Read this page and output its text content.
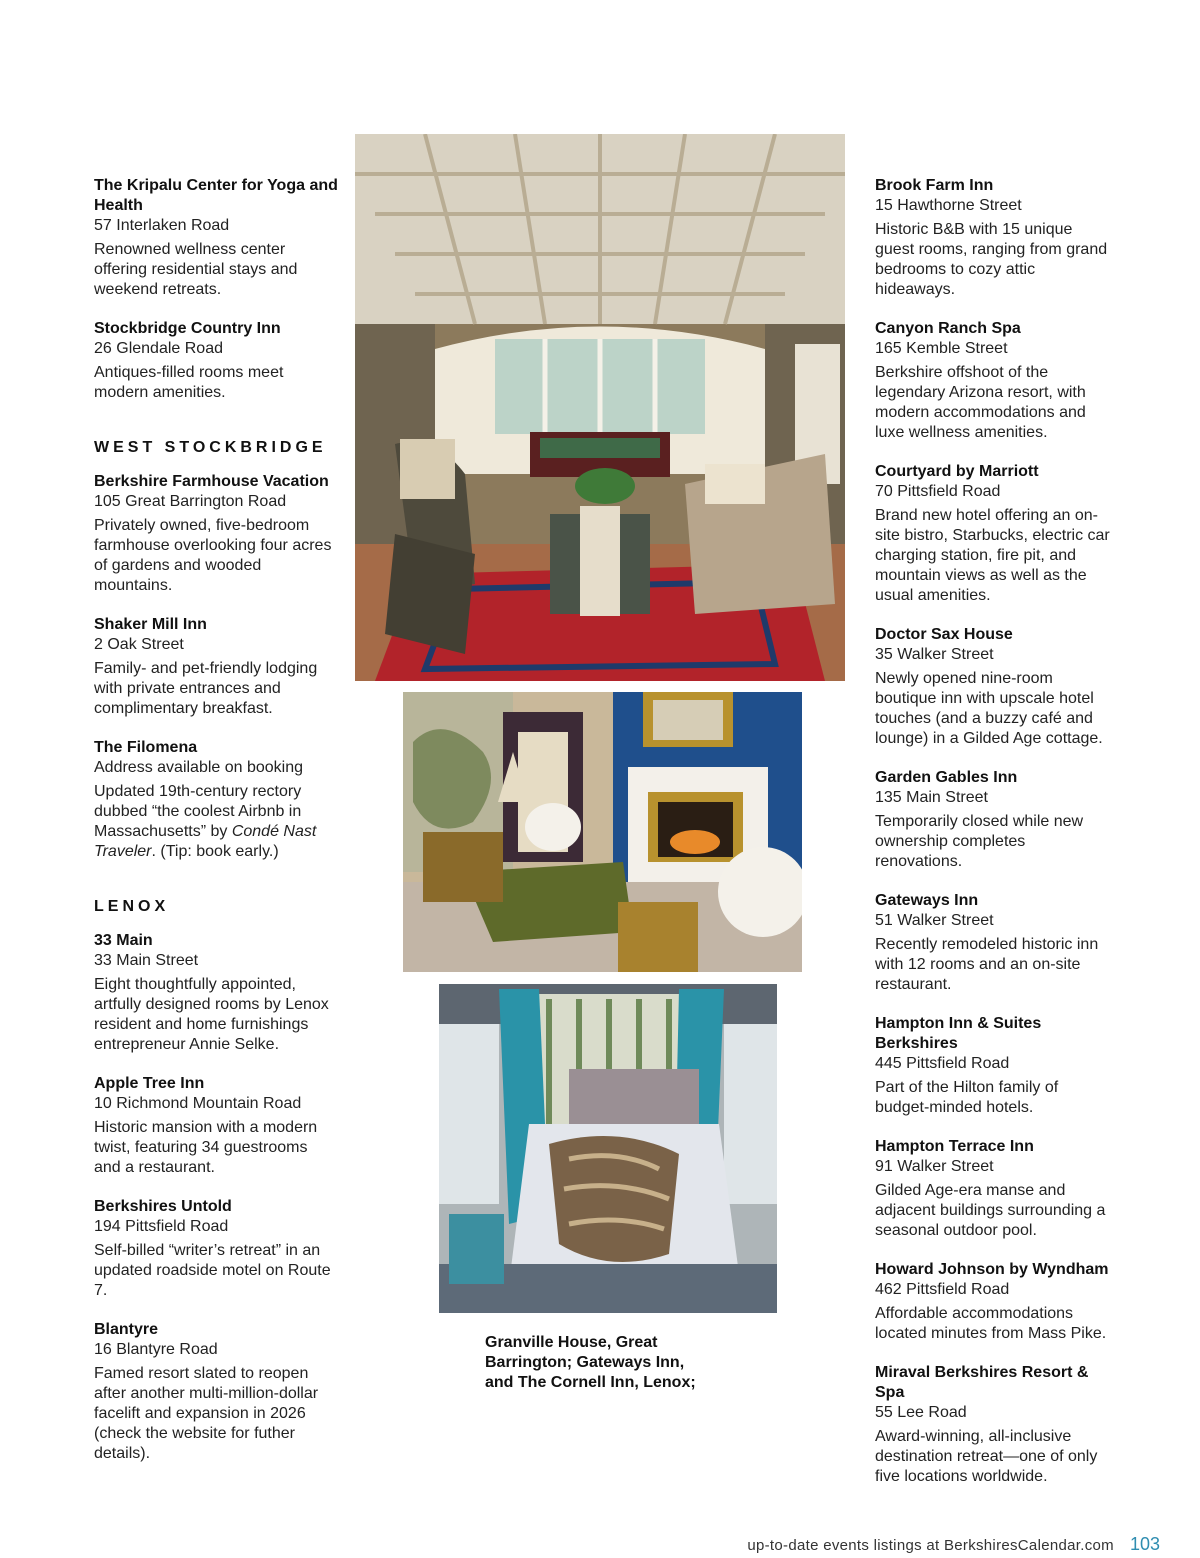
The Kripalu Center for Yoga and Health
57 Interlaken Road
Renowned wellness center offering residential stays and weekend retreats.
Stockbridge Country Inn
26 Glendale Road
Antiques-filled rooms meet modern amenities.
WEST STOCKBRIDGE
Berkshire Farmhouse Vacation
105 Great Barrington Road
Privately owned, five-bedroom farmhouse overlooking four acres of gardens and wooded mountains.
Shaker Mill Inn
2 Oak Street
Family- and pet-friendly lodging with private entrances and complimentary breakfast.
The Filomena
Address available on booking
Updated 19th-century rectory dubbed “the coolest Airbnb in Massachusetts” by Condé Nast Traveler. (Tip: book early.)
LENOX
33 Main
33 Main Street
Eight thoughtfully appointed, artfully designed rooms by Lenox resident and home furnishings entrepreneur Annie Selke.
Apple Tree Inn
10 Richmond Mountain Road
Historic mansion with a modern twist, featuring 34 guestrooms and a restaurant.
Berkshires Untold
194 Pittsfield Road
Self-billed “writer’s retreat” in an updated roadside motel on Route 7.
Blantyre
16 Blantyre Road
Famed resort slated to reopen after another multi-million-dollar facelift and expansion in 2026 (check the website for futher details).
Granville House, Great Barrington; Gateways Inn, and The Cornell Inn, Lenox;
Brook Farm Inn
15 Hawthorne Street
Historic B&B with 15 unique guest rooms, ranging from grand bedrooms to cozy attic hideaways.
Canyon Ranch Spa
165 Kemble Street
Berkshire offshoot of the legendary Arizona resort, with modern accommodations and luxe wellness amenities.
Courtyard by Marriott
70 Pittsfield Road
Brand new hotel offering an on-site bistro, Starbucks, electric car charging station, fire pit, and mountain views as well as the usual amenities.
Doctor Sax House
35 Walker Street
Newly opened nine-room boutique inn with upscale hotel touches (and a buzzy café and lounge) in a Gilded Age cottage.
Garden Gables Inn
135 Main Street
Temporarily closed while new ownership completes renovations.
Gateways Inn
51 Walker Street
Recently remodeled historic inn with 12 rooms and an on-site restaurant.
Hampton Inn & Suites Berkshires
445 Pittsfield Road
Part of the Hilton family of budget-minded hotels.
Hampton Terrace Inn
91 Walker Street
Gilded Age-era manse and adjacent buildings surrounding a seasonal outdoor pool.
Howard Johnson by Wyndham
462 Pittsfield Road
Affordable accommodations located minutes from Mass Pike.
Miraval Berkshires Resort & Spa
55 Lee Road
Award-winning, all-inclusive destination retreat—one of only five locations worldwide.
up-to-date events listings at BerkshiresCalendar.com 103
